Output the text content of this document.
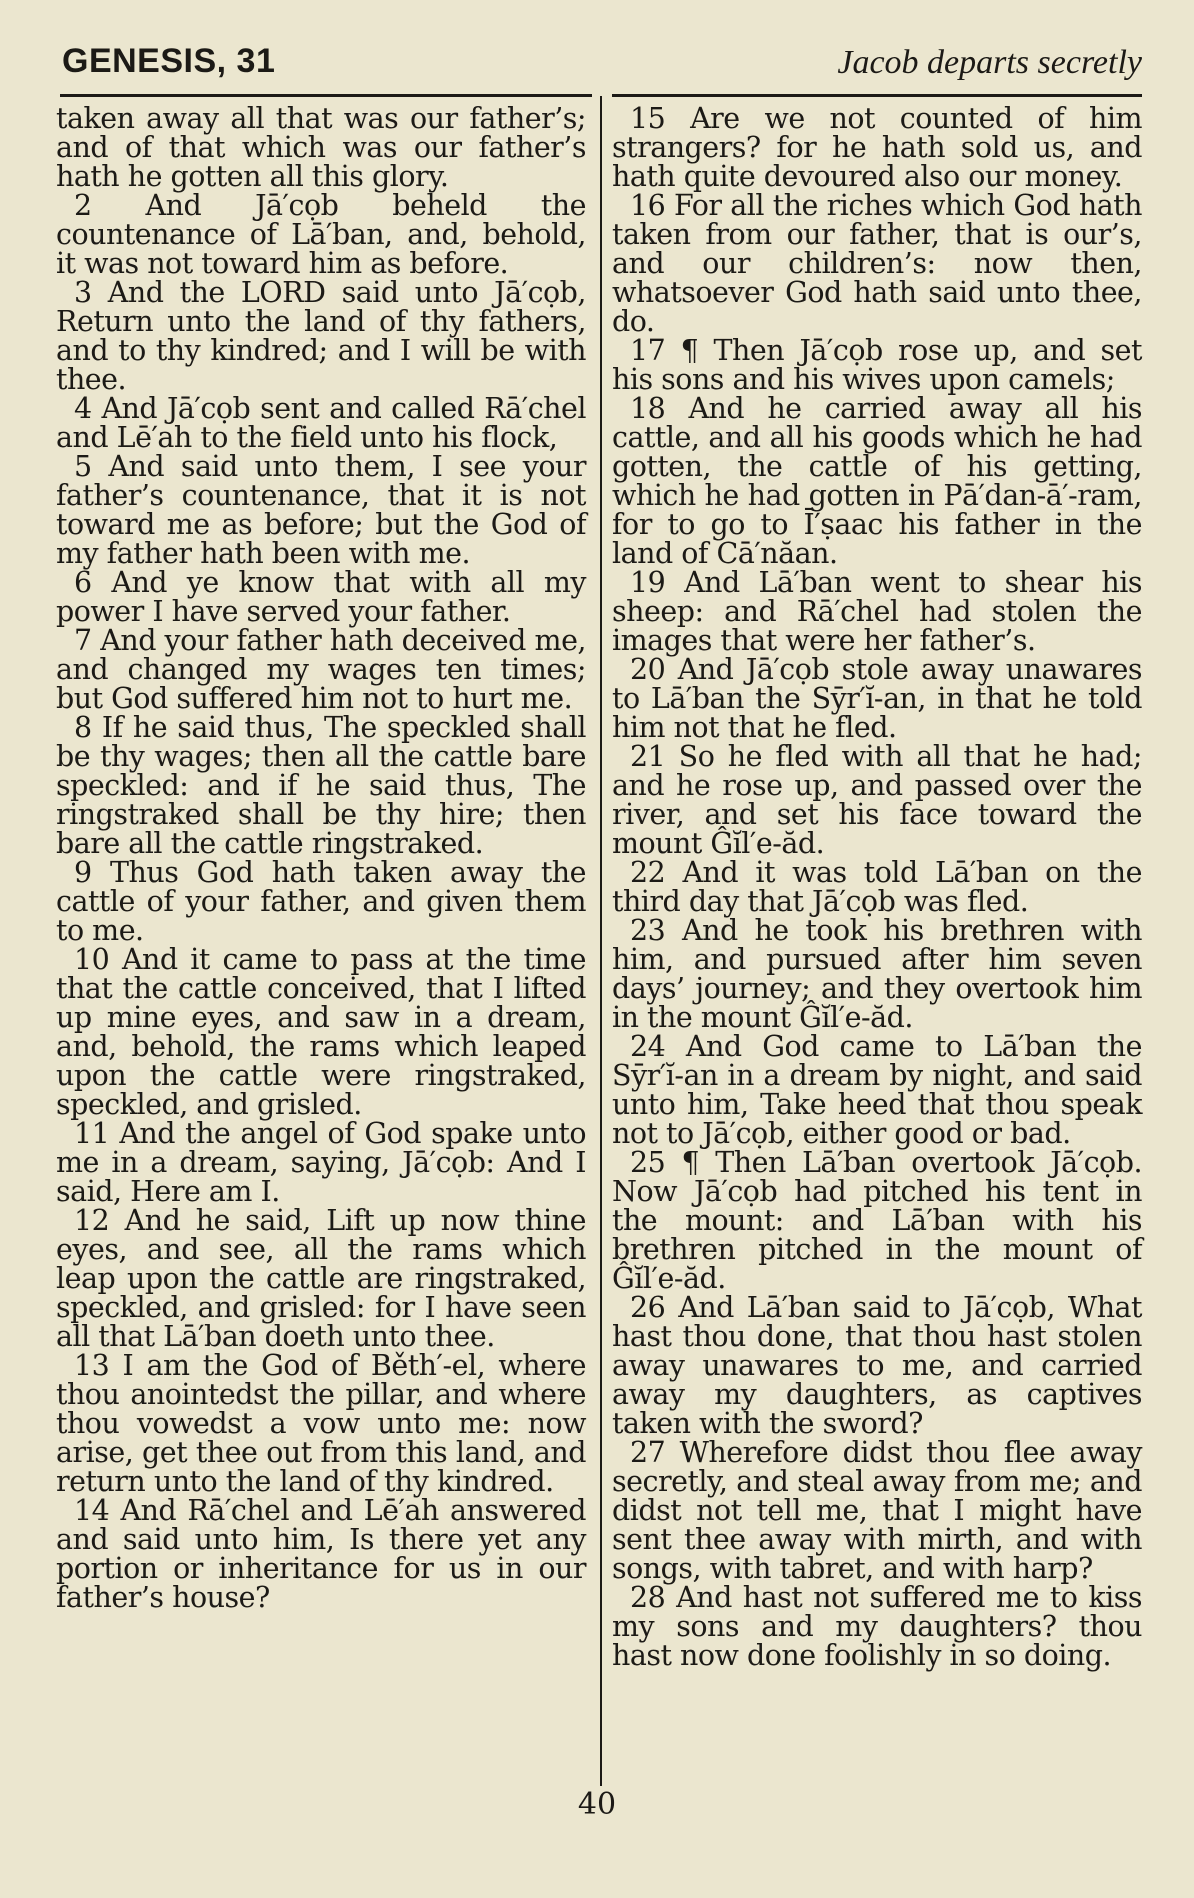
GENESIS, 31	Jacob departs secretly

taken away all that was our father’s; and of that which was our father’s hath he gotten all this glory.

2 And Jā′cọb beheld the countenance of Lā′ban, and, behold, it was not toward him as before.

3 And the LORD said unto Jā′cọb, Return unto the land of thy fathers, and to thy kindred; and I will be with thee.

4 And Jā′cọb sent and called Rā′chel and Lē′ah to the field unto his flock,

5 And said unto them, I see your father’s countenance, that it is not toward me as before; but the God of my father hath been with me.

6 And ye know that with all my power I have served your father.

7 And your father hath deceived me, and changed my wages ten times; but God suffered him not to hurt me.

8 If he said thus, The speckled shall be thy wages; then all the cattle bare speckled: and if he said thus, The ringstraked shall be thy hire; then bare all the cattle ringstraked.

9 Thus God hath taken away the cattle of your father, and given them to me.

10 And it came to pass at the time that the cattle conceived, that I lifted up mine eyes, and saw in a dream, and, behold, the rams which leaped upon the cattle were ringstraked, speckled, and grisled.

11 And the angel of God spake unto me in a dream, saying, Jā′cọb: And I said, Here am I.

12 And he said, Lift up now thine eyes, and see, all the rams which leap upon the cattle are ringstraked, speckled, and grisled: for I have seen all that Lā′ban doeth unto thee.

13 I am the God of Běth′-el, where thou anointedst the pillar, and where thou vowedst a vow unto me: now arise, get thee out from this land, and return unto the land of thy kindred.

14 And Rā′chel and Lē′ah answered and said unto him, Is there yet any portion or inheritance for us in our father’s house?

15 Are we not counted of him strangers? for he hath sold us, and hath quite devoured also our money.

16 For all the riches which God hath taken from our father, that is our’s, and our children’s: now then, whatsoever God hath said unto thee, do.

17 ¶ Then Jā′cọb rose up, and set his sons and his wives upon camels;

18 And he carried away all his cattle, and all his goods which he had gotten, the cattle of his getting, which he had gotten in Pā′dan-ā′-ram, for to go to Ī′ṣaac his father in the land of Cā′năan.

19 And Lā′ban went to shear his sheep: and Rā′chel had stolen the images that were her father’s.

20 And Jā′cọb stole away unawares to Lā′ban the Sȳr′ĭ-an, in that he told him not that he fled.

21 So he fled with all that he had; and he rose up, and passed over the river, and set his face toward the mount Ĝĭl′e-ăd.

22 And it was told Lā′ban on the third day that Jā′cọb was fled.

23 And he took his brethren with him, and pursued after him seven days’ journey; and they overtook him in the mount Ĝĭl′e-ăd.

24 And God came to Lā′ban the Sȳr′ĭ-an in a dream by night, and said unto him, Take heed that thou speak not to Jā′cọb, either good or bad.

25 ¶ Then Lā′ban overtook Jā′cọb. Now Jā′cọb had pitched his tent in the mount: and Lā′ban with his brethren pitched in the mount of Ĝĭl′e-ăd.

26 And Lā′ban said to Jā′cọb, What hast thou done, that thou hast stolen away unawares to me, and carried away my daughters, as captives taken with the sword?

27 Wherefore didst thou flee away secretly, and steal away from me; and didst not tell me, that I might have sent thee away with mirth, and with songs, with tabret, and with harp?

28 And hast not suffered me to kiss my sons and my daughters? thou hast now done foolishly in so doing.

40
